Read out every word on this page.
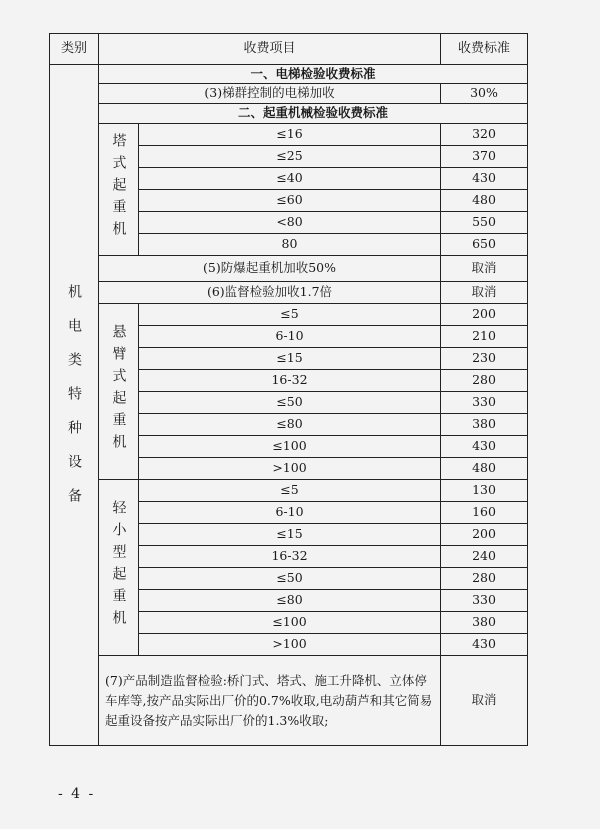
类别	收费项目		收费标准
机电类特种设备	一、电梯检验收费标准		
	(3)梯群控制的电梯加收		30%
	二、起重机械检验收费标准		
	塔式起重机	≤16	320
		≤25	370
		≤40	430
		≤60	480
		<80	550
		80	650
	(5)防爆起重机加收50%		取消
	(6)监督检验加收1.7倍		取消
	悬臂式起重机	≤5	200
		6-10	210
		≤15	230
		16-32	280
		≤50	330
		≤80	380
		≤100	430
		>100	480
	轻小型起重机	≤5	130
		6-10	160
		≤15	200
		16-32	240
		≤50	280
		≤80	330
		≤100	380
		>100	430
	(7)产品制造监督检验:桥门式、塔式、施工升降机、立体停车库等,按产品实际出厂价的0.7%收取,电动葫芦和其它简易起重设备按产品实际出厂价的1.3%收取;		取消
- 4 -
